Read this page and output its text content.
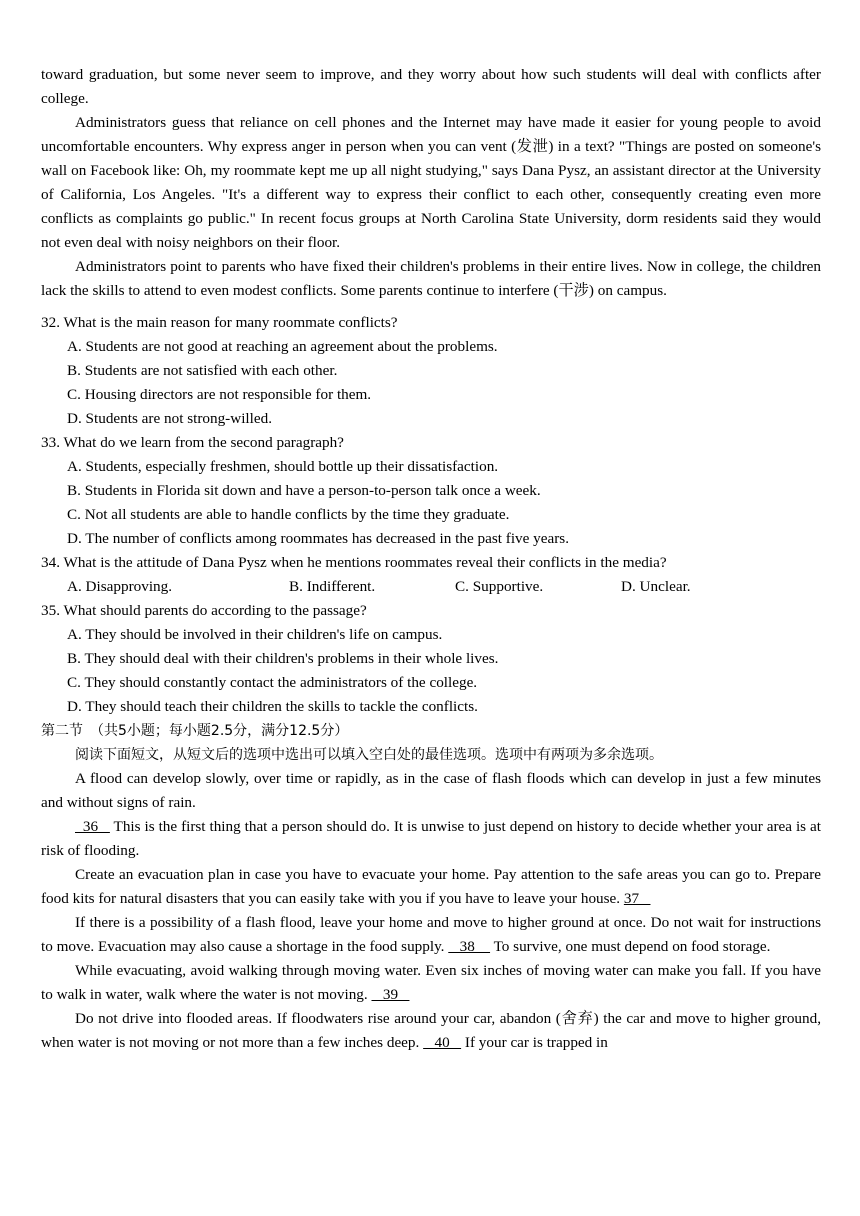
toward graduation, but some never seem to improve, and they worry about how such students will deal with conflicts after college.

Administrators guess that reliance on cell phones and the Internet may have made it easier for young people to avoid uncomfortable encounters. Why express anger in person when you can vent (发泄) in a text? "Things are posted on someone's wall on Facebook like: Oh, my roommate kept me up all night studying," says Dana Pysz, an assistant director at the University of California, Los Angeles. "It's a different way to express their conflict to each other, consequently creating even more conflicts as complaints go public." In recent focus groups at North Carolina State University, dorm residents said they would not even deal with noisy neighbors on their floor.

Administrators point to parents who have fixed their children's problems in their entire lives. Now in college, the children lack the skills to attend to even modest conflicts. Some parents continue to interfere (干涉) on campus.

32. What is the main reason for many roommate conflicts?
A. Students are not good at reaching an agreement about the problems.
B. Students are not satisfied with each other.
C. Housing directors are not responsible for them.
D. Students are not strong-willed.
33. What do we learn from the second paragraph?
A. Students, especially freshmen, should bottle up their dissatisfaction.
B. Students in Florida sit down and have a person-to-person talk once a week.
C. Not all students are able to handle conflicts by the time they graduate.
D. The number of conflicts among roommates has decreased in the past five years.
34. What is the attitude of Dana Pysz when he mentions roommates reveal their conflicts in the media?
A. Disapproving.	B. Indifferent.	C. Supportive.	D. Unclear.
35. What should parents do according to the passage?
A. They should be involved in their children's life on campus.
B. They should deal with their children's problems in their whole lives.
C. They should constantly contact the administrators of the college.
D. They should teach their children the skills to tackle the conflicts.
第二节　（共5小题；每小题2.5分，满分12.5分）
阅读下面短文，从短文后的选项中选出可以填入空白处的最佳选项。选项中有两项为多余选项。

A flood can develop slowly, over time or rapidly, as in the case of flash floods which can develop in just a few minutes and without signs of rain.

36    This is the first thing that a person should do. It is unwise to just depend on history to decide whether your area is at risk of flooding.

Create an evacuation plan in case you have to evacuate your home. Pay attention to the safe areas you can go to. Prepare food kits for natural disasters that you can easily take with you if you have to leave your house. 37

If there is a possibility of a flash flood, leave your home and move to higher ground at once. Do not wait for instructions to move. Evacuation may also cause a shortage in the food supply.    38     To survive, one must depend on food storage.

While evacuating, avoid walking through moving water. Even six inches of moving water can make you fall. If you have to walk in water, walk where the water is not moving.    39

Do not drive into flooded areas. If floodwaters rise around your car, abandon (舍弃) the car and move to higher ground, when water is not moving or not more than a few inches deep.    40    If your car is trapped in
